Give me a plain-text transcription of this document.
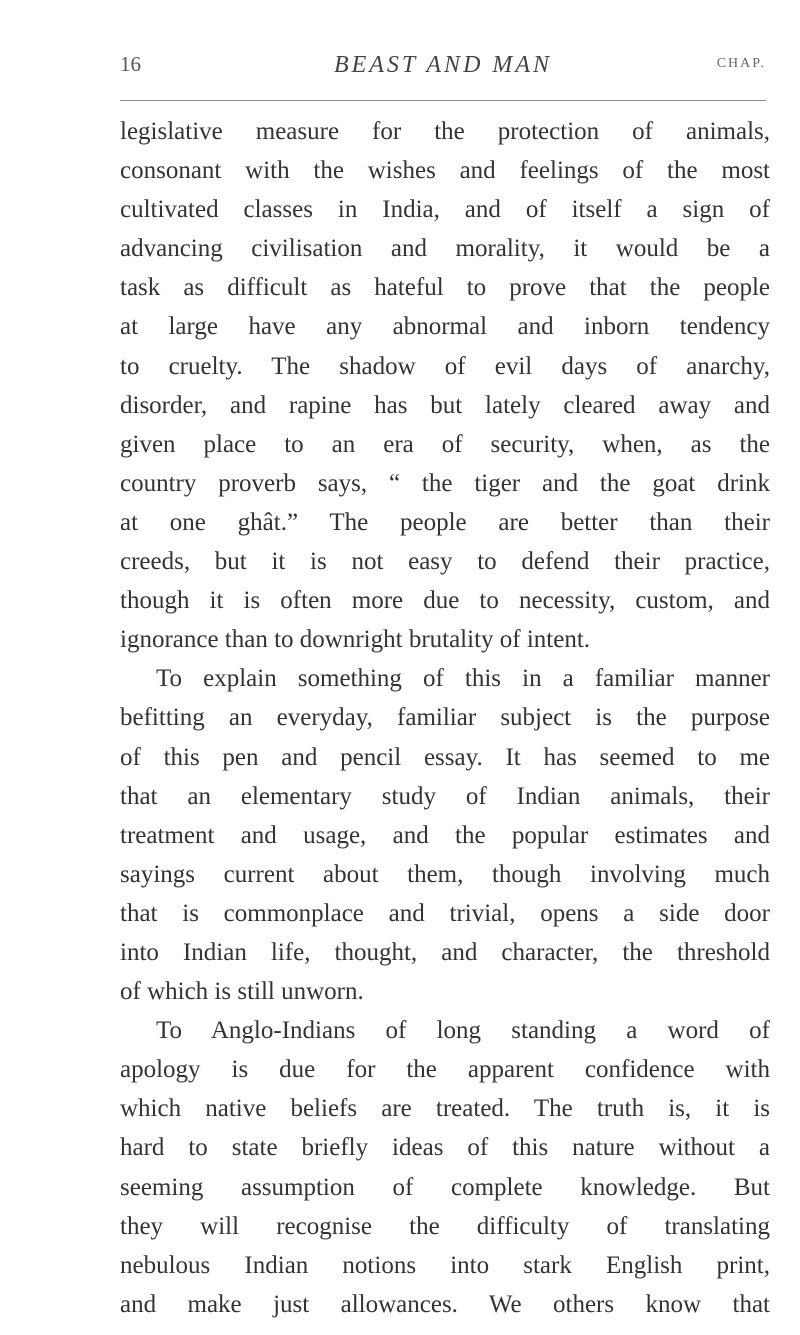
16	BEAST AND MAN	CHAP.
legislative measure for the protection of animals,
consonant with the wishes and feelings of the most
cultivated classes in India, and of itself a sign of
advancing civilisation and morality, it would be a
task as difficult as hateful to prove that the people
at large have any abnormal and inborn tendency
to cruelty. The shadow of evil days of anarchy,
disorder, and rapine has but lately cleared away and
given place to an era of security, when, as the
country proverb says, “ the tiger and the goat drink
at one ghât.” The people are better than their
creeds, but it is not easy to defend their practice,
though it is often more due to necessity, custom, and
ignorance than to downright brutality of intent.
To explain something of this in a familiar manner
befitting an everyday, familiar subject is the purpose
of this pen and pencil essay. It has seemed to me
that an elementary study of Indian animals, their
treatment and usage, and the popular estimates and
sayings current about them, though involving much
that is commonplace and trivial, opens a side door
into Indian life, thought, and character, the threshold
of which is still unworn.
To Anglo-Indians of long standing a word of
apology is due for the apparent confidence with
which native beliefs are treated. The truth is, it is
hard to state briefly ideas of this nature without a
seeming assumption of complete knowledge. But
they will recognise the difficulty of translating
nebulous Indian notions into stark English print,
and make just allowances. We others know that
